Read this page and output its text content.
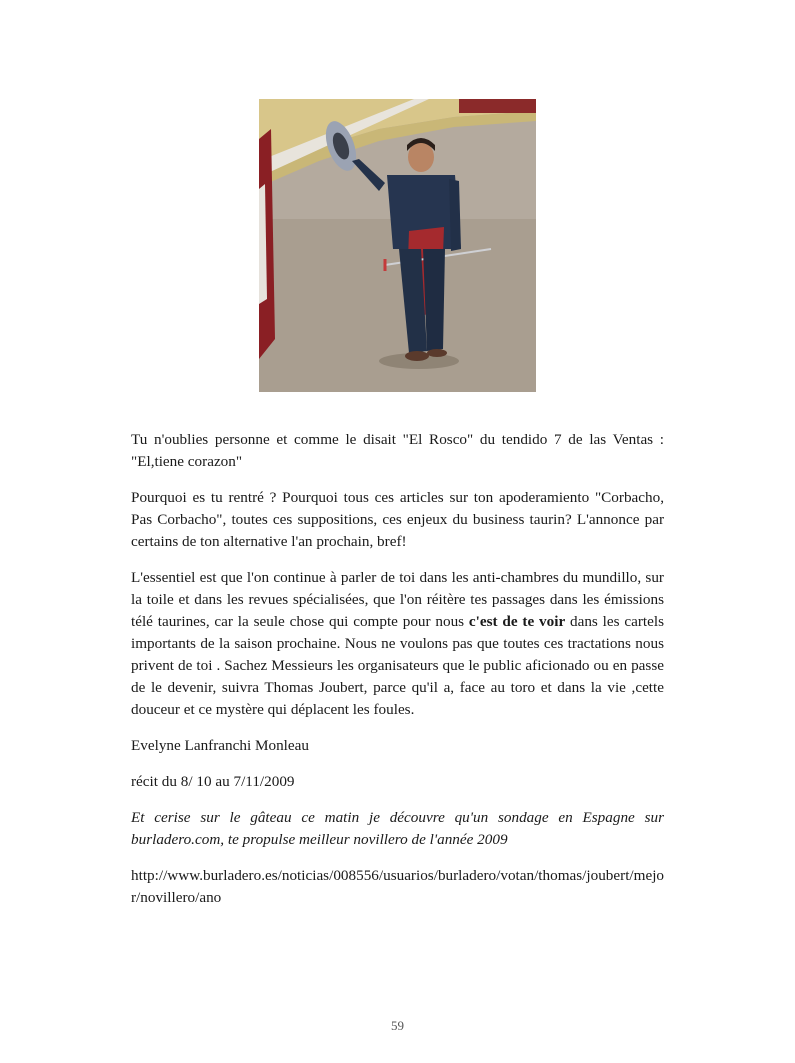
Tu n'oublies personne et comme le disait "El Rosco" du tendido 7 de las Ventas : "El,tiene corazon"

Pourquoi es tu rentré ? Pourquoi tous ces articles sur ton apoderamiento "Corbacho, Pas Corbacho", toutes ces suppositions, ces enjeux du business taurin? L'annonce par certains de ton alternative l'an prochain, bref!

L'essentiel est que l'on continue à parler de toi dans les anti-chambres du mundillo, sur la toile et dans les revues spécialisées, que l'on réitère tes passages dans les émissions télé taurines, car la seule chose qui compte pour nous c'est de te voir dans les cartels importants de la saison prochaine. Nous ne voulons pas que toutes ces tractations nous privent de toi . Sachez Messieurs les organisateurs que le public aficionado ou en passe de le devenir, suivra Thomas Joubert, parce qu'il a, face au toro et dans la vie ,cette douceur et ce mystère qui déplacent les foules.

Evelyne Lanfranchi Monleau

récit du 8/ 10 au 7/11/2009

Et cerise sur le gâteau ce matin je découvre qu'un sondage en Espagne sur burladero.com, te propulse meilleur novillero de l'année 2009

http://www.burladero.es/noticias/008556/usuarios/burladero/votan/thomas/joubert/mejor/novillero/ano

59
